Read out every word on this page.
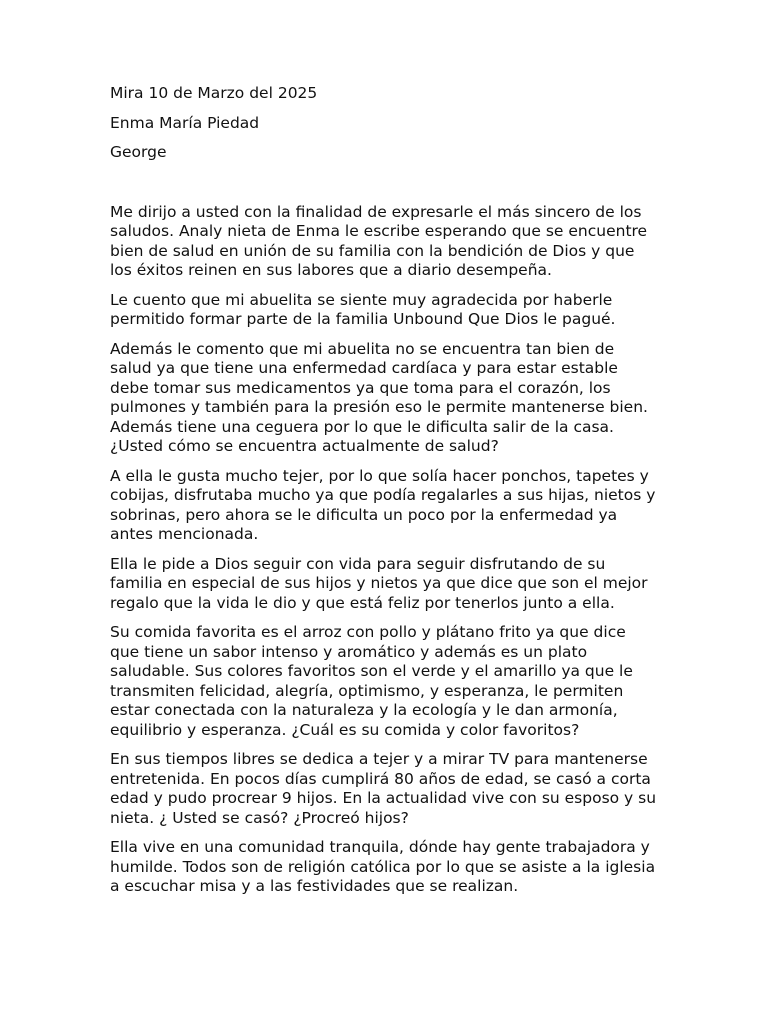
Mira 10 de Marzo del 2025
Enma María Piedad
George

Me dirijo a usted con la finalidad de expresarle el más sincero de los saludos. Analy nieta de Enma le escribe esperando que se encuentre bien de salud en unión de su familia con la bendición de Dios y que los éxitos reinen en sus labores que a diario desempeña.

Le cuento que mi abuelita se siente muy agradecida por haberle permitido formar parte de la familia Unbound Que Dios le pagué.

Además le comento que mi abuelita no se encuentra tan bien de salud ya que tiene una enfermedad cardíaca y para estar estable debe tomar sus medicamentos ya que toma para el corazón, los pulmones y también para la presión eso le permite mantenerse bien. Además tiene una ceguera por lo que le dificulta salir de la casa. ¿Usted cómo se encuentra actualmente de salud?

A ella le gusta mucho tejer, por lo que solía hacer ponchos, tapetes y cobijas, disfrutaba mucho ya que podía regalarles a sus hijas, nietos y sobrinas, pero ahora se le dificulta un poco por la enfermedad ya antes mencionada.

Ella le pide a Dios seguir con vida para seguir disfrutando de su familia en especial de sus hijos y nietos ya que dice que son el mejor regalo que la vida le dio y que está feliz por tenerlos junto a ella.

Su comida favorita es el arroz con pollo y plátano frito ya que dice que tiene un sabor intenso y aromático y además es un plato saludable. Sus colores favoritos son el verde y el amarillo ya que le transmiten felicidad, alegría, optimismo, y esperanza, le permiten estar conectada con la naturaleza y la ecología y le dan armonía, equilibrio y esperanza. ¿Cuál es su comida y color favoritos?

En sus tiempos libres se dedica a tejer y a mirar TV para mantenerse entretenida. En pocos días cumplirá 80 años de edad, se casó a corta edad y pudo procrear 9 hijos. En la actualidad vive con su esposo y su nieta. ¿ Usted se casó? ¿Procreó hijos?

Ella vive en una comunidad tranquila, dónde hay gente trabajadora y humilde. Todos son de religión católica por lo que se asiste a la iglesia a escuchar misa y a las festividades que se realizan.
